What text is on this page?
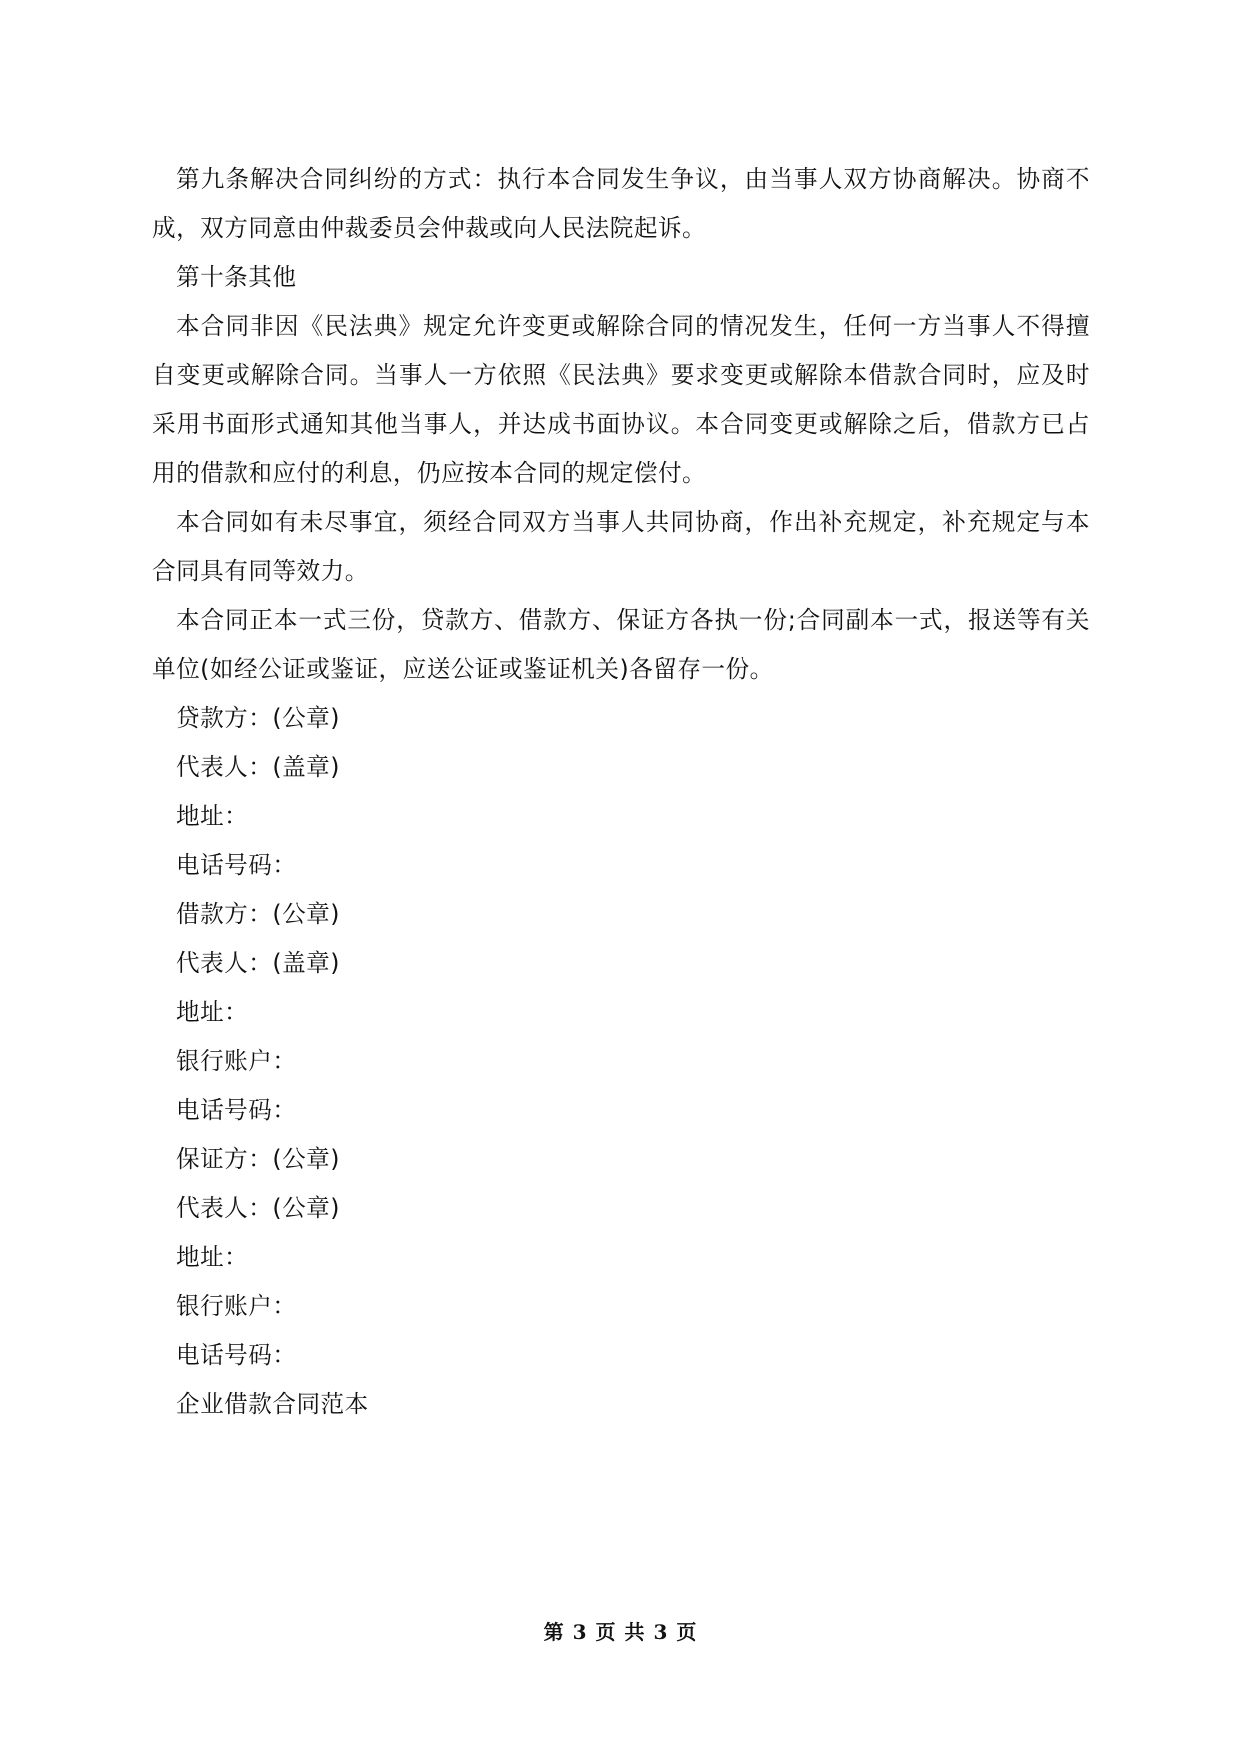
第九条解决合同纠纷的方式：执行本合同发生争议，由当事人双方协商解决。协商不成，双方同意由仲裁委员会仲裁或向人民法院起诉。

第十条其他

本合同非因《民法典》规定允许变更或解除合同的情况发生，任何一方当事人不得擅自变更或解除合同。当事人一方依照《民法典》要求变更或解除本借款合同时，应及时采用书面形式通知其他当事人，并达成书面协议。本合同变更或解除之后，借款方已占用的借款和应付的利息，仍应按本合同的规定偿付。

本合同如有未尽事宜，须经合同双方当事人共同协商，作出补充规定，补充规定与本合同具有同等效力。

本合同正本一式三份，贷款方、借款方、保证方各执一份;合同副本一式，报送等有关单位(如经公证或鉴证，应送公证或鉴证机关)各留存一份。

贷款方：(公章)

代表人：(盖章)

地址：

电话号码：

借款方：(公章)

代表人：(盖章)

地址：

银行账户：

电话号码：

保证方：(公章)

代表人：(公章)

地址：

银行账户：

电话号码：

企业借款合同范本

第 3 页 共 3 页
